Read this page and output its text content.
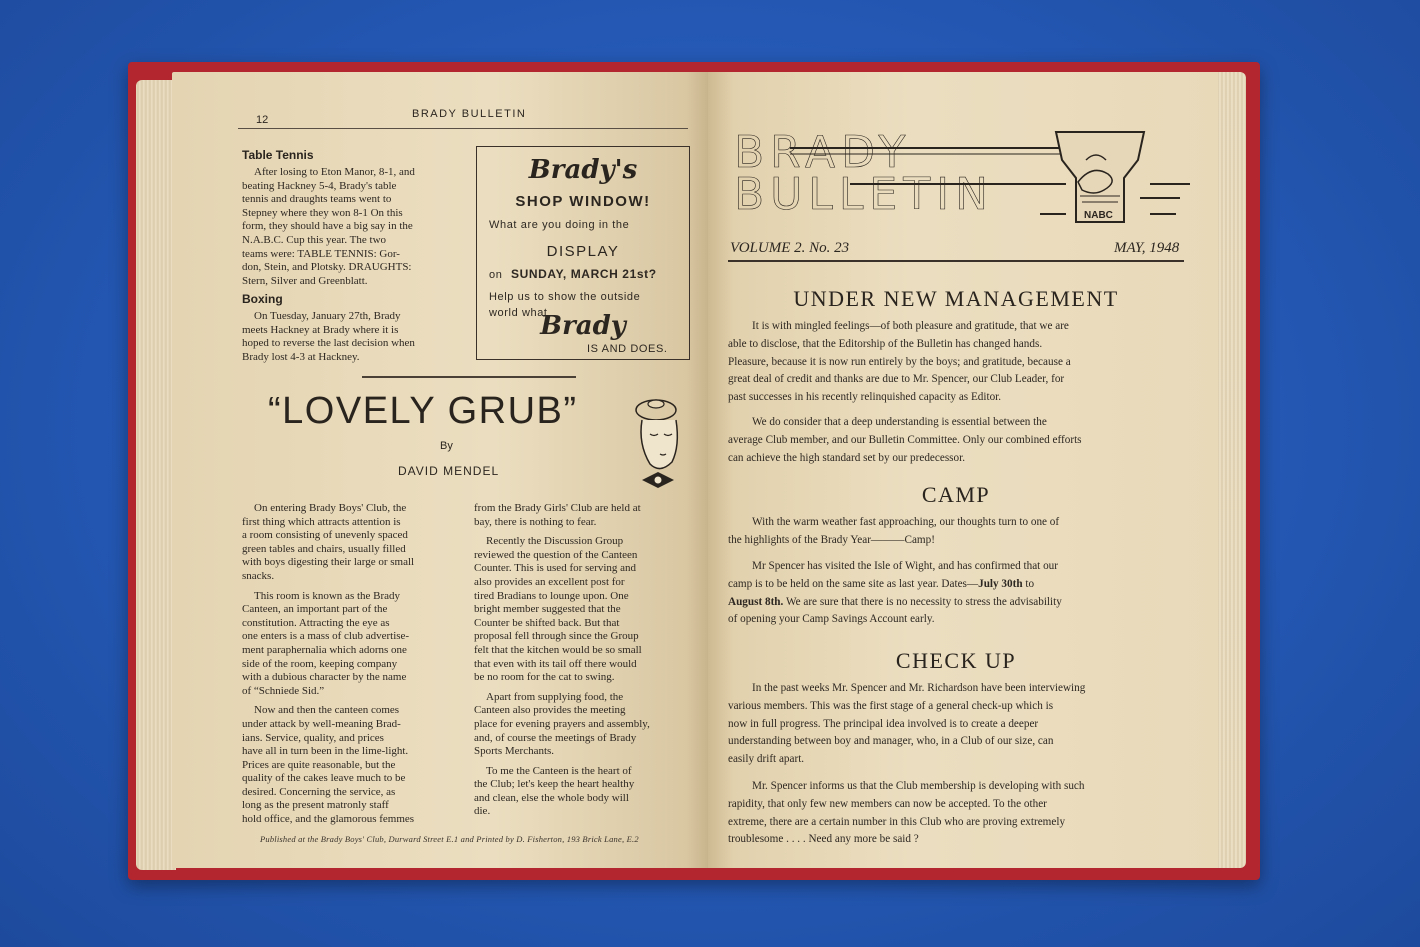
12	BRADY BULLETIN
Table Tennis
After losing to Eton Manor, 8-1, and
beating Hackney 5-4, Brady's table
tennis and draughts teams went to
Stepney where they won 8-1 On this
form, they should have a big say in the
N.A.B.C. Cup this year. The two
teams were: TABLE TENNIS: Gor-
don, Stein, and Plotsky. DRAUGHTS:
Stern, Silver and Greenblatt.
Boxing
On Tuesday, January 27th, Brady
meets Hackney at Brady where it is
hoped to reverse the last decision when
Brady lost 4-3 at Hackney.
Brady's
SHOP WINDOW!
What are you doing in the
DISPLAY
on SUNDAY, MARCH 21st?
Help us to show the outside
world what
Brady
IS AND DOES.
“LOVELY GRUB”
By
DAVID MENDEL
On entering Brady Boys' Club, the
first thing which attracts attention is
a room consisting of unevenly spaced
green tables and chairs, usually filled
with boys digesting their large or small
snacks.
This room is known as the Brady
Canteen, an important part of the
constitution. Attracting the eye as
one enters is a mass of club advertise-
ment paraphernalia which adorns one
side of the room, keeping company
with a dubious character by the name
of “Schniede Sid.”
Now and then the canteen comes
under attack by well-meaning Brad-
ians. Service, quality, and prices
have all in turn been in the lime-light.
Prices are quite reasonable, but the
quality of the cakes leave much to be
desired. Concerning the service, as
long as the present matronly staff
hold office, and the glamorous femmes
from the Brady Girls' Club are held at
bay, there is nothing to fear.
Recently the Discussion Group
reviewed the question of the Canteen
Counter. This is used for serving and
also provides an excellent post for
tired Bradians to lounge upon. One
bright member suggested that the
Counter be shifted back. But that
proposal fell through since the Group
felt that the kitchen would be so small
that even with its tail off there would
be no room for the cat to swing.
Apart from supplying food, the
Canteen also provides the meeting
place for evening prayers and assembly,
and, of course the meetings of Brady
Sports Merchants.
To me the Canteen is the heart of
the Club; let's keep the heart healthy
and clean, else the whole body will
die.
Published at the Brady Boys' Club, Durward Street E.1 and Printed by D. Fisherton, 193 Brick Lane, E.2
BRADY
BULLETIN	NABC
VOLUME 2. No. 23	MAY, 1948
UNDER NEW MANAGEMENT
It is with mingled feelings—of both pleasure and gratitude, that we are
able to disclose, that the Editorship of the Bulletin has changed hands.
Pleasure, because it is now run entirely by the boys; and gratitude, because a
great deal of credit and thanks are due to Mr. Spencer, our Club Leader, for
past successes in his recently relinquished capacity as Editor.
We do consider that a deep understanding is essential between the
average Club member, and our Bulletin Committee. Only our combined efforts
can achieve the high standard set by our predecessor.
CAMP
With the warm weather fast approaching, our thoughts turn to one of
the highlights of the Brady Year———Camp!
Mr Spencer has visited the Isle of Wight, and has confirmed that our
camp is to be held on the same site as last year. Dates—July 30th to
August 8th. We are sure that there is no necessity to stress the advisability
of opening your Camp Savings Account early.
CHECK UP
In the past weeks Mr. Spencer and Mr. Richardson have been interviewing
various members. This was the first stage of a general check-up which is
now in full progress. The principal idea involved is to create a deeper
understanding between boy and manager, who, in a Club of our size, can
easily drift apart.
Mr. Spencer informs us that the Club membership is developing with such
rapidity, that only few new members can now be accepted. To the other
extreme, there are a certain number in this Club who are proving extremely
troublesome . . . . Need any more be said ?
